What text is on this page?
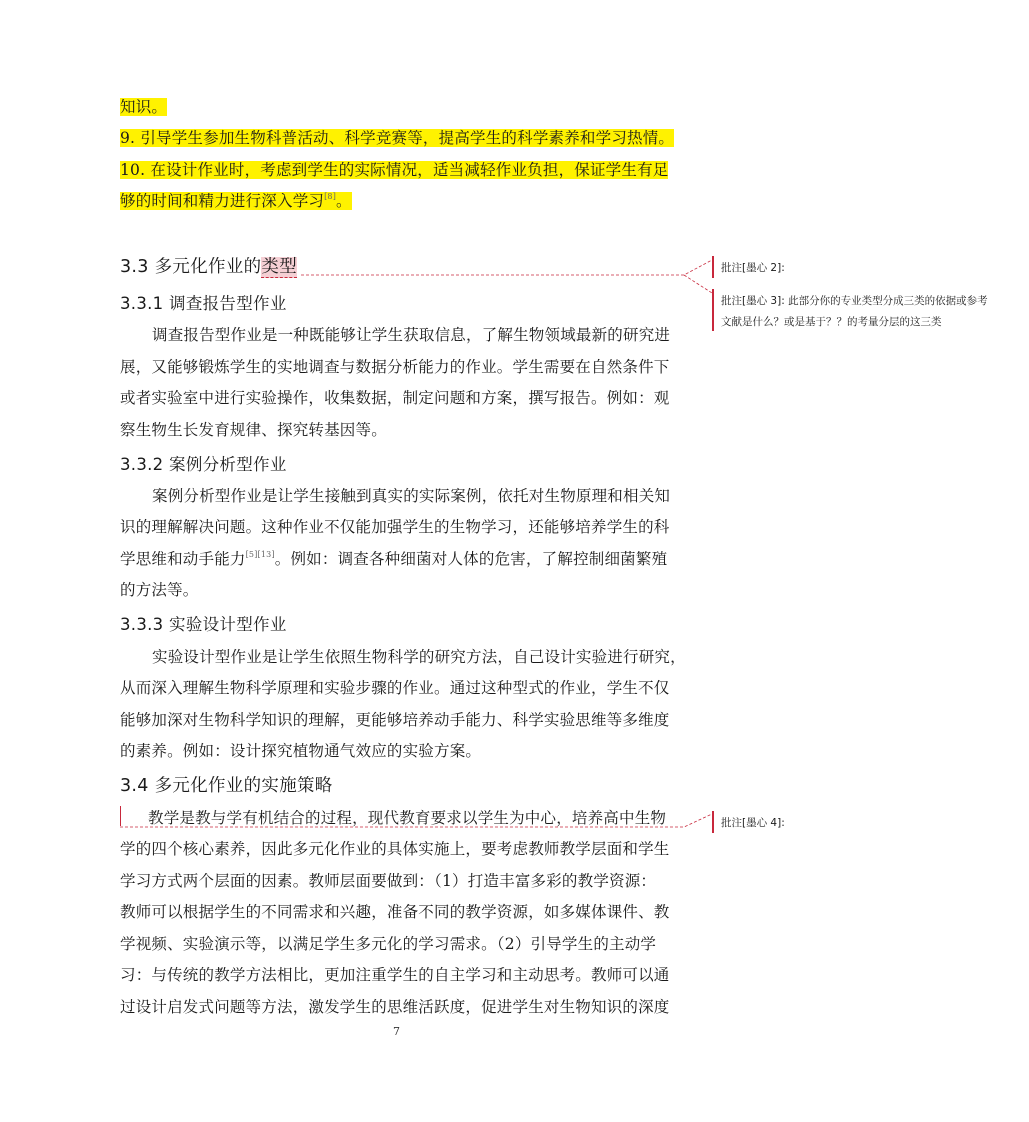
知识。
9. 引导学生参加生物科普活动、科学竞赛等，提高学生的科学素养和学习热情。
10. 在设计作业时，考虑到学生的实际情况，适当减轻作业负担，保证学生有足
够的时间和精力进行深入学习[8]。
3.3 多元化作业的类型
3.3.1 调查报告型作业
调查报告型作业是一种既能够让学生获取信息，了解生物领域最新的研究进
展，又能够锻炼学生的实地调查与数据分析能力的作业。学生需要在自然条件下
或者实验室中进行实验操作，收集数据，制定问题和方案，撰写报告。例如：观
察生物生长发育规律、探究转基因等。
3.3.2 案例分析型作业
案例分析型作业是让学生接触到真实的实际案例，依托对生物原理和相关知
识的理解解决问题。这种作业不仅能加强学生的生物学习，还能够培养学生的科
学思维和动手能力[5][13]。例如：调查各种细菌对人体的危害，了解控制细菌繁殖
的方法等。
3.3.3 实验设计型作业
实验设计型作业是让学生依照生物科学的研究方法，自己设计实验进行研究，
从而深入理解生物科学原理和实验步骤的作业。通过这种型式的作业，学生不仅
能够加深对生物科学知识的理解，更能够培养动手能力、科学实验思维等多维度
的素养。例如：设计探究植物通气效应的实验方案。
3.4 多元化作业的实施策略
教学是教与学有机结合的过程，现代教育要求以学生为中心，培养高中生物
学的四个核心素养，因此多元化作业的具体实施上，要考虑教师教学层面和学生
学习方式两个层面的因素。教师层面要做到：（1）打造丰富多彩的教学资源：
教师可以根据学生的不同需求和兴趣，准备不同的教学资源，如多媒体课件、教
学视频、实验演示等，以满足学生多元化的学习需求。（2）引导学生的主动学
习：与传统的教学方法相比，更加注重学生的自主学习和主动思考。教师可以通
过设计启发式问题等方法，激发学生的思维活跃度，促进学生对生物知识的深度
7
批注[墨心 2]:
批注[墨心 3]: 此部分你的专业类型分成三类的依据或参考
文献是什么？或是基于？？的考量分层的这三类
批注[墨心 4]:
